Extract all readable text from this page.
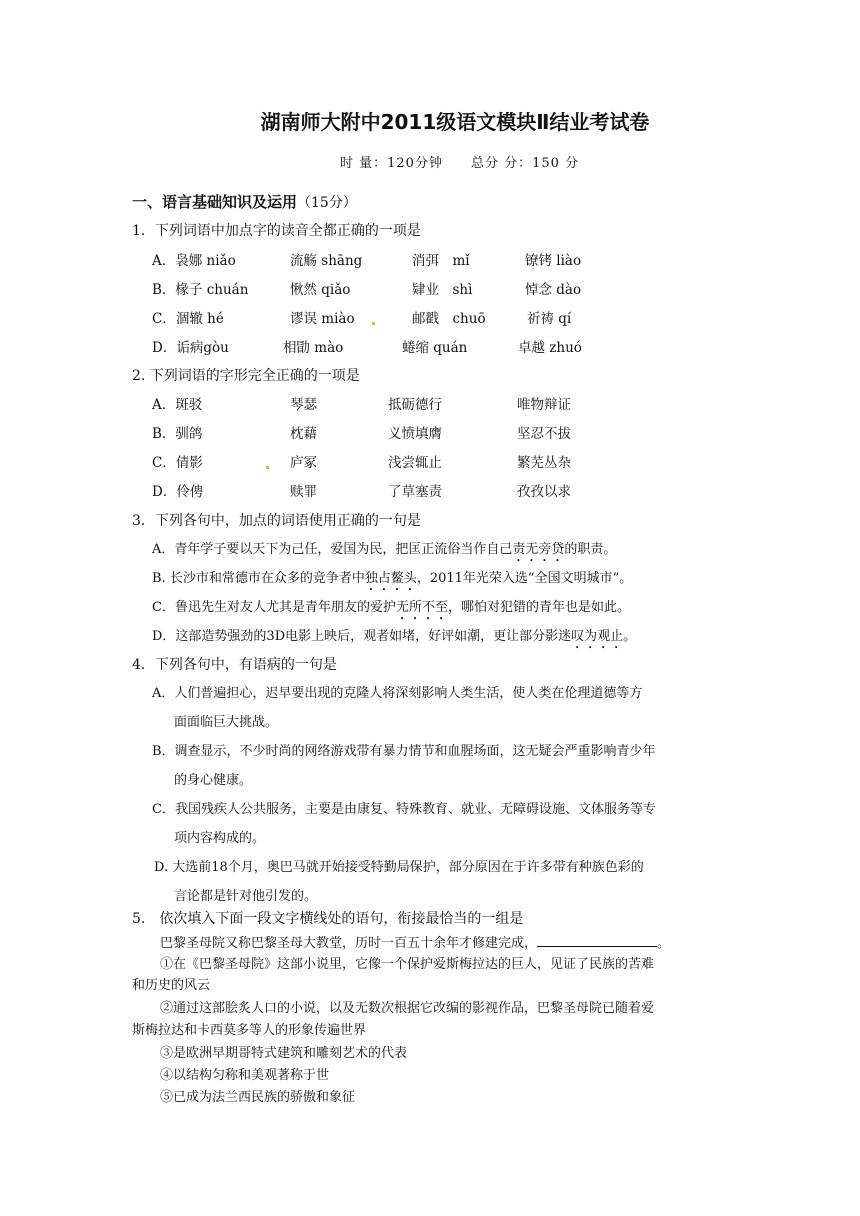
湖南师大附中2011级语文模块Ⅱ结业考试卷
时 量：120分钟　　总分 分：150 分
一、语言基础知识及运用（15分）
1．下列词语中加点字的读音全都正确的一项是
A．袅娜 niǎo	流觞 shāng	消弭　mǐ	镣铐 liào
B．椽子 chuán	愀然 qiǎo	肄业　shì	悼念 dào
C．涸辙 hé	谬误 miào	邮戳　chuō	祈祷 qí
D．诟病gòu	相勖 mào	蜷缩 quán	卓越 zhuó
2. 下列词语的字形完全正确的一项是
A．斑驳	琴瑟	抵砺德行	唯物辩证
B．驯鸽	枕藉	义愤填膺	坚忍不拔
C．倩影	庐冢	浅尝辄止	繁芜丛杂
D．伶俜	赎罪	了草塞责	孜孜以求
3．下列各句中，加点的词语使用正确的一句是
A．青年学子要以天下为己任，爱国为民，把匡正流俗当作自己责无旁贷的职责。
B. 长沙市和常德市在众多的竞争者中独占鳌头，2011年光荣入选“全国文明城市”。
C．鲁迅先生对友人尤其是青年朋友的爱护无所不至，哪怕对犯错的青年也是如此。
D．这部造势强劲的3D电影上映后，观者如堵，好评如潮，更让部分影迷叹为观止。
4．下列各句中，有语病的一句是
A．人们普遍担心，迟早要出现的克隆人将深刻影响人类生活，使人类在伦理道德等方
面面临巨大挑战。
B．调查显示，不少时尚的网络游戏带有暴力情节和血腥场面，这无疑会严重影响青少年
的身心健康。
C．我国残疾人公共服务，主要是由康复、特殊教育、就业、无障碍设施、文体服务等专
项内容构成的。
D. 大选前18个月，奥巴马就开始接受特勤局保护，部分原因在于许多带有种族色彩的
言论都是针对他引发的。
5.　依次填入下面一段文字横线处的语句，衔接最恰当的一组是
巴黎圣母院又称巴黎圣母大教堂，历时一百五十余年才修建完成，	。
①在《巴黎圣母院》这部小说里，它像一个保护爱斯梅拉达的巨人，见证了民族的苦难
和历史的风云
②通过这部脍炙人口的小说，以及无数次根据它改编的影视作品，巴黎圣母院已随着爱
斯梅拉达和卡西莫多等人的形象传遍世界
③是欧洲早期哥特式建筑和雕刻艺术的代表
④以结构匀称和美观著称于世
⑤已成为法兰西民族的骄傲和象征
